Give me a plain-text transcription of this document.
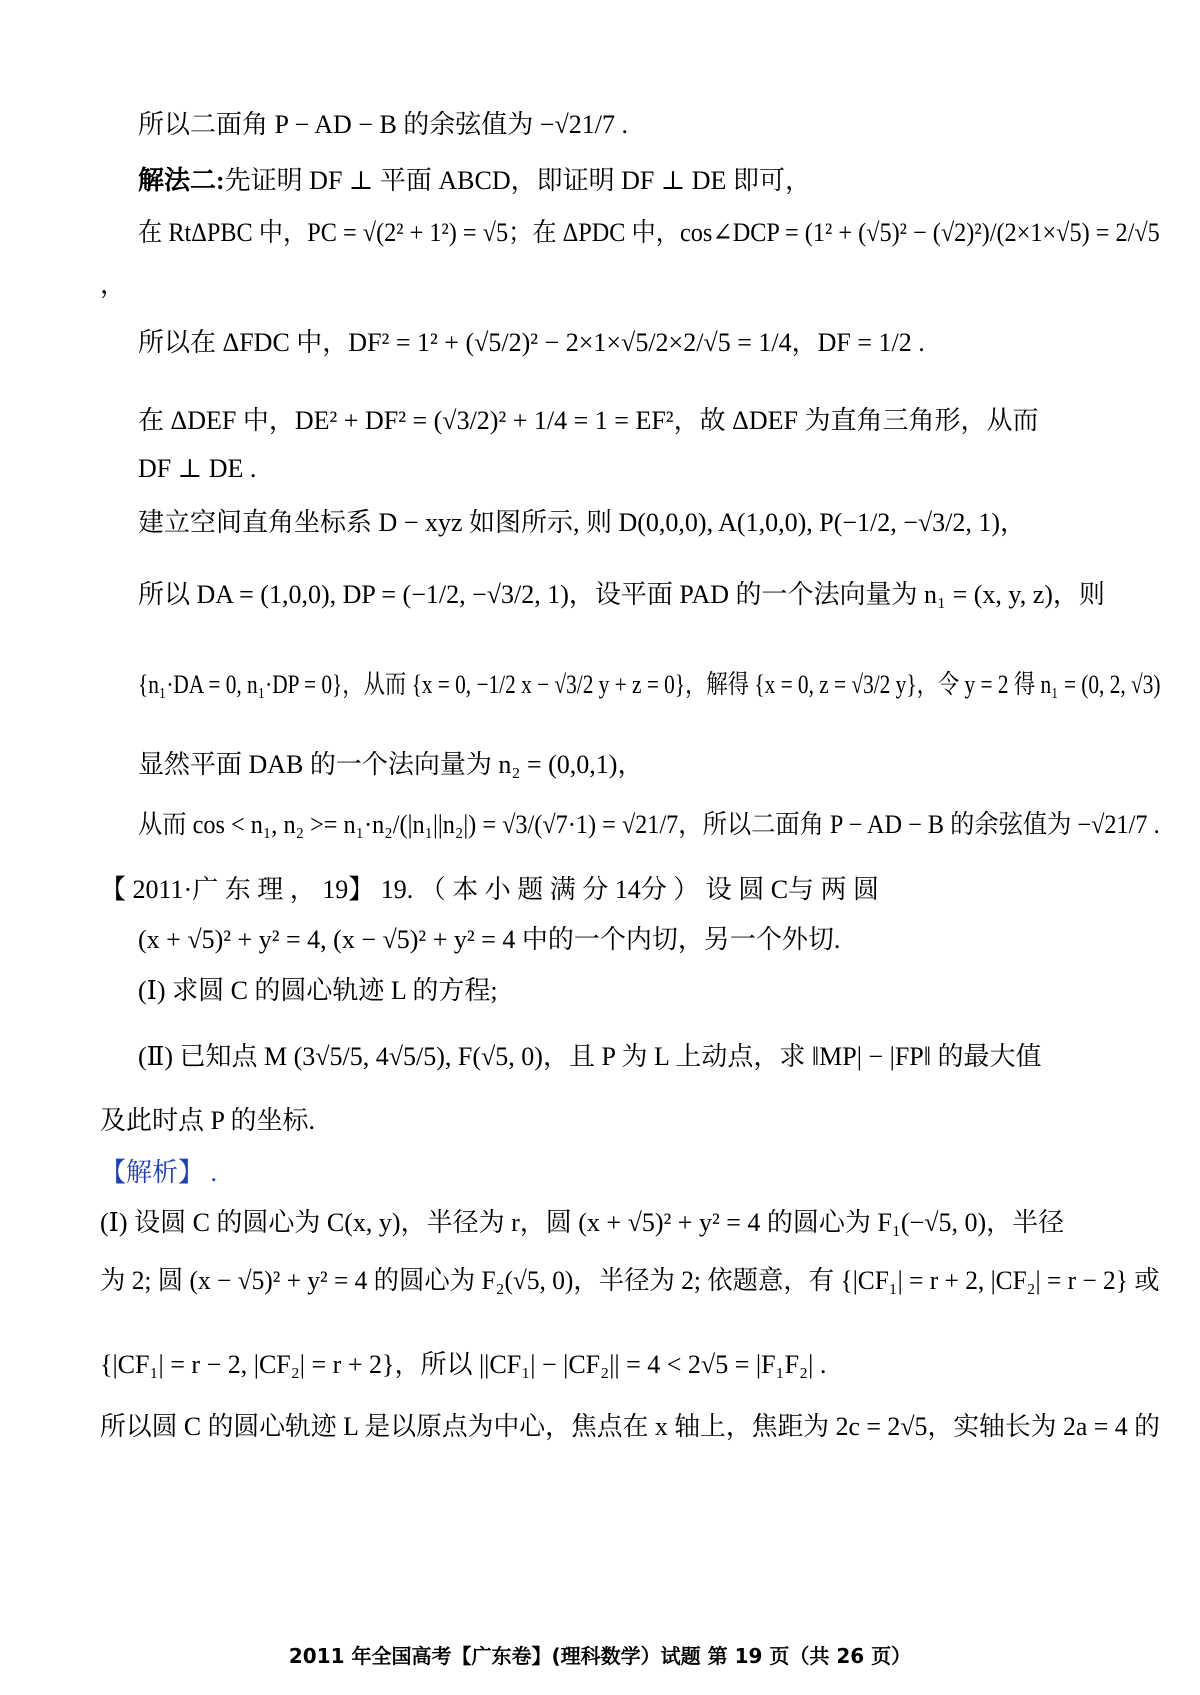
所以二面角 P − AD − B 的余弦值为 −√21/7 .
解法二:先证明 DF ⊥ 平面 ABCD，即证明 DF ⊥ DE 即可，
在 RtΔPBC 中，PC = √(2² + 1²) = √5；在 ΔPDC 中，cos∠DCP = (1² + (√5)² − (√2)²)/(2×1×√5) = 2/√5
，
所以在 ΔFDC 中，DF² = 1² + (√5/2)² − 2×1×√5/2×2/√5 = 1/4，DF = 1/2 .
在 ΔDEF 中，DE² + DF² = (√3/2)² + 1/4 = 1 = EF²，故 ΔDEF 为直角三角形，从而
DF ⊥ DE .
建立空间直角坐标系 D − xyz 如图所示, 则 D(0,0,0), A(1,0,0), P(−1/2, −√3/2, 1)，
所以 DA = (1,0,0), DP = (−1/2, −√3/2, 1)，设平面 PAD 的一个法向量为 n₁ = (x, y, z)，则
{n₁·DA = 0, n₁·DP = 0}，从而 {x = 0, −1/2 x − √3/2 y + z = 0}，解得 {x = 0, z = √3/2 y}，令 y = 2 得 n₁ = (0, 2, √3)
显然平面 DAB 的一个法向量为 n₂ = (0,0,1)，
从而 cos < n₁, n₂ >= n₁·n₂/(|n₁||n₂|) = √3/(√7·1) = √21/7，所以二面角 P − AD − B 的余弦值为 −√21/7 .
【 2011·广 东 理 ， 19】 19. （ 本 小 题 满 分 14分 ） 设 圆 C与 两 圆
(x + √5)² + y² = 4, (x − √5)² + y² = 4 中的一个内切，另一个外切.
(Ⅰ) 求圆 C 的圆心轨迹 L 的方程;
(Ⅱ) 已知点 M (3√5/5, 4√5/5), F(√5, 0)，且 P 为 L 上动点，求 ‖MP| − |FP‖ 的最大值
及此时点 P 的坐标.
【解析】 .
(Ⅰ) 设圆 C 的圆心为 C(x, y)，半径为 r，圆 (x + √5)² + y² = 4 的圆心为 F₁(−√5, 0)，半径
为 2; 圆 (x − √5)² + y² = 4 的圆心为 F₂(√5, 0)，半径为 2; 依题意，有 {|CF₁| = r + 2, |CF₂| = r − 2} 或
{|CF₁| = r − 2, |CF₂| = r + 2}，所以 ||CF₁| − |CF₂|| = 4 < 2√5 = |F₁F₂| .
所以圆 C 的圆心轨迹 L 是以原点为中心，焦点在 x 轴上，焦距为 2c = 2√5，实轴长为 2a = 4 的
2011 年全国高考【广东卷】(理科数学）试题 第 19 页（共 26 页）
